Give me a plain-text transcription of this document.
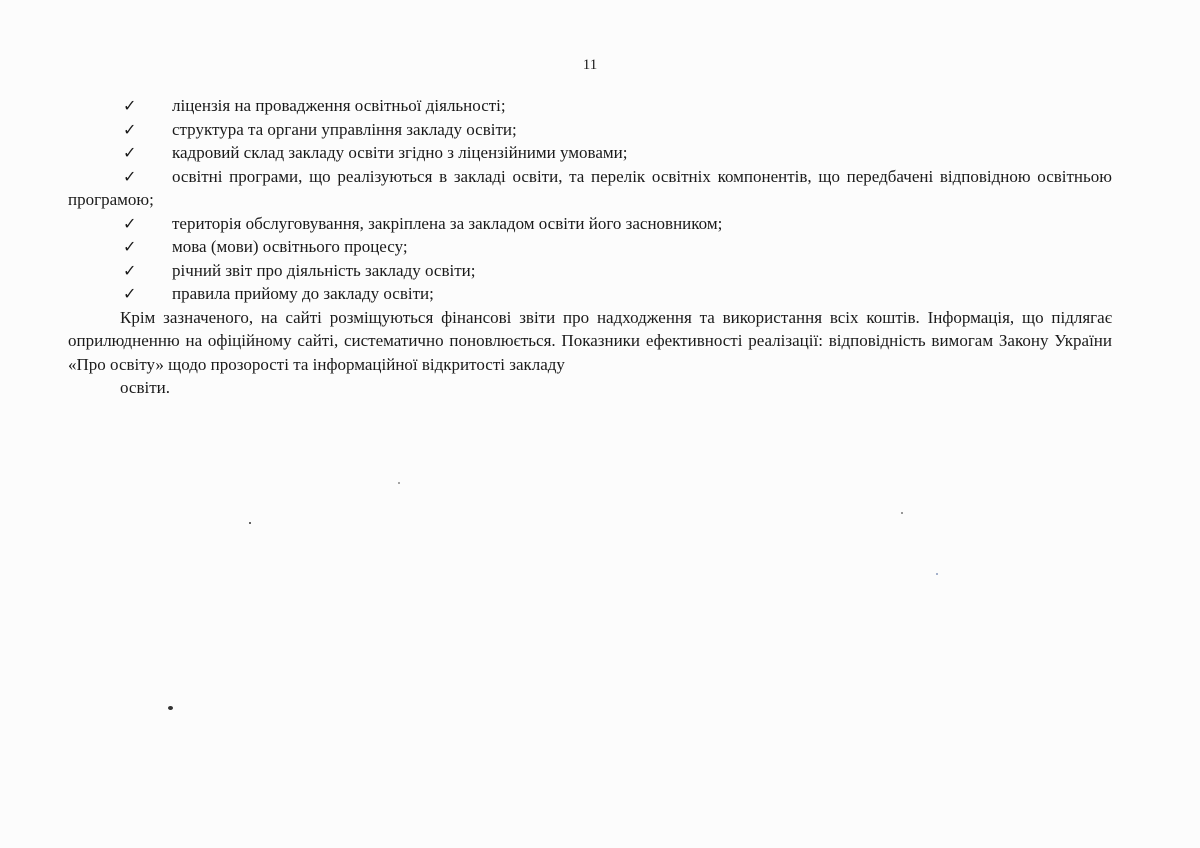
11
✓ ліцензія на провадження освітньої діяльності;
✓ структура та органи управління закладу освіти;
✓ кадровий склад закладу освіти згідно з ліцензійними умовами;
✓ освітні програми, що реалізуються в закладі освіти, та перелік освітніх компонентів, що передбачені відповідною освітньою програмою;
✓ територія обслуговування, закріплена за закладом освіти його засновником;
✓ мова (мови) освітнього процесу;
✓ річний звіт про діяльність закладу освіти;
✓ правила прийому до закладу освіти;
Крім зазначеного, на сайті розміщуються фінансові звіти про надходження та використання всіх коштів. Інформація, що підлягає оприлюдненню на офіційному сайті, систематично поновлюється. Показники ефективності реалізації: відповідність вимогам Закону України «Про освіту» щодо прозорості та інформаційної відкритості закладу
освіти.
